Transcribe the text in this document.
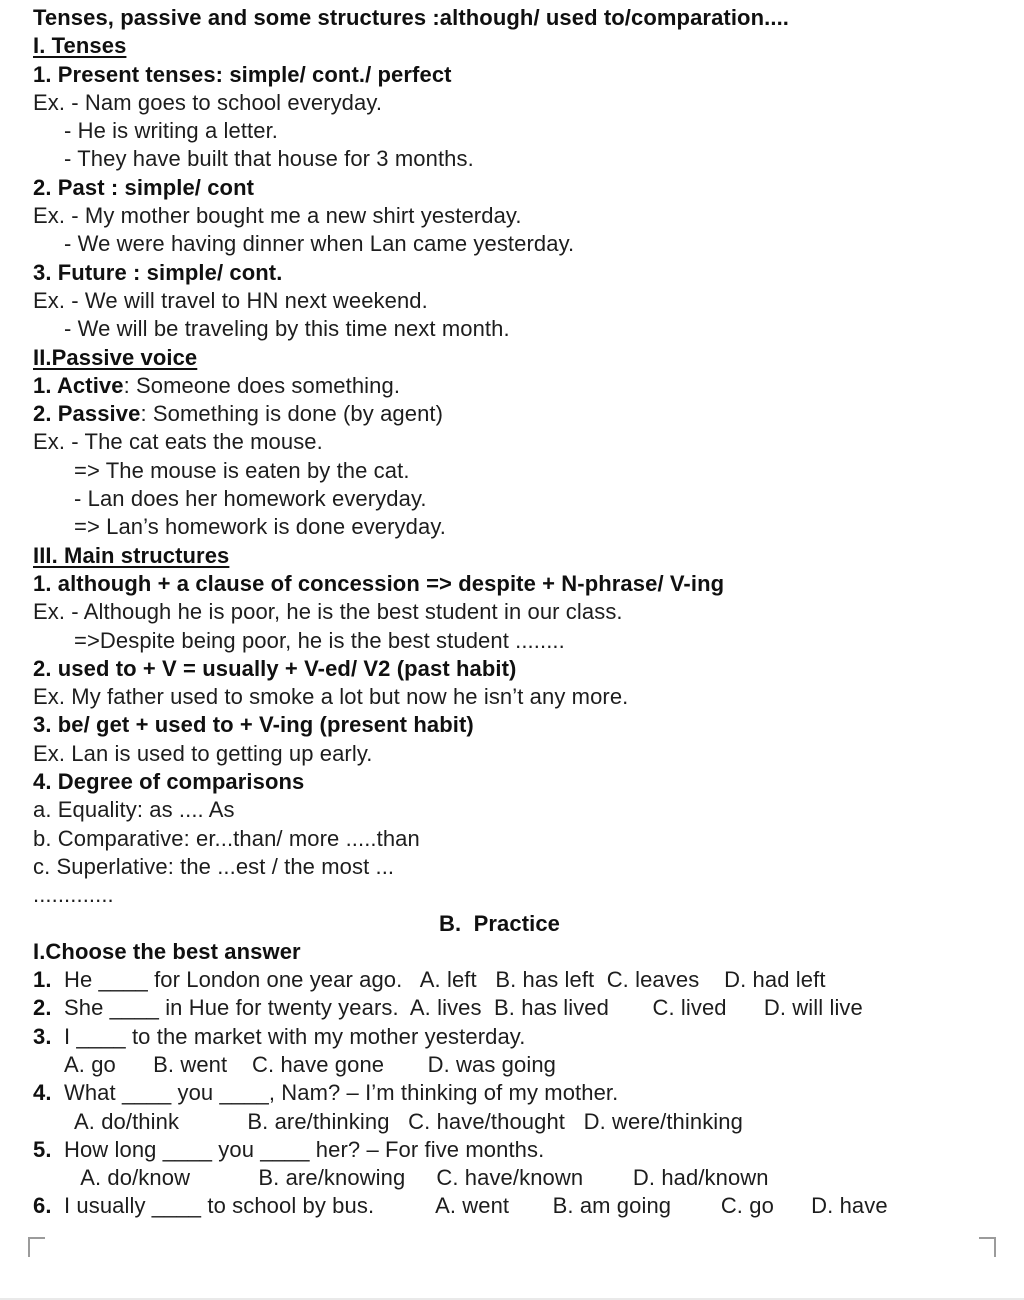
Tenses, passive and some structures :although/ used to/comparation....
I. Tenses
1. Present tenses: simple/ cont./ perfect
Ex. - Nam goes to school everyday.
- He is writing a letter.
- They have built that house for 3 months.
2. Past : simple/ cont
Ex. - My mother bought me a new shirt yesterday.
- We were having dinner when Lan came yesterday.
3. Future : simple/ cont.
Ex. - We will travel to HN next weekend.
- We will be traveling by this time next month.
II.Passive voice
1. Active: Someone does something.
2. Passive: Something is done (by agent)
Ex. - The cat eats the mouse.
=> The mouse is eaten by the cat.
- Lan does her homework everyday.
=> Lan’s homework is done everyday.
III. Main structures
1. although + a clause of concession => despite + N-phrase/ V-ing
Ex. - Although he is poor, he is the best student in our class.
=>Despite being poor, he is the best student ........
2. used to + V = usually + V-ed/ V2 (past habit)
Ex. My father used to smoke a lot but now he isn’t any more.
3. be/ get + used to + V-ing (present habit)
Ex. Lan is used to getting up early.
4. Degree of comparisons
a. Equality: as .... As
b. Comparative: er...than/ more .....than
c. Superlative: the ...est / the most ...
.............
B.  Practice
I.Choose the best answer
1.  He ____ for London one year ago.   A. left   B. has left  C. leaves    D. had left
2.  She ____ in Hue for twenty years.  A. lives  B. has lived       C. lived      D. will live
3.  I ____ to the market with my mother yesterday.
A. go      B. went    C. have gone       D. was going
4.  What ____ you ____, Nam? – I’m thinking of my mother.
A. do/think           B. are/thinking   C. have/thought   D. were/thinking
5.  How long ____ you ____ her? – For five months.
A. do/know           B. are/knowing     C. have/known        D. had/known
6.  I usually ____ to school by bus.          A. went       B. am going        C. go      D. have
